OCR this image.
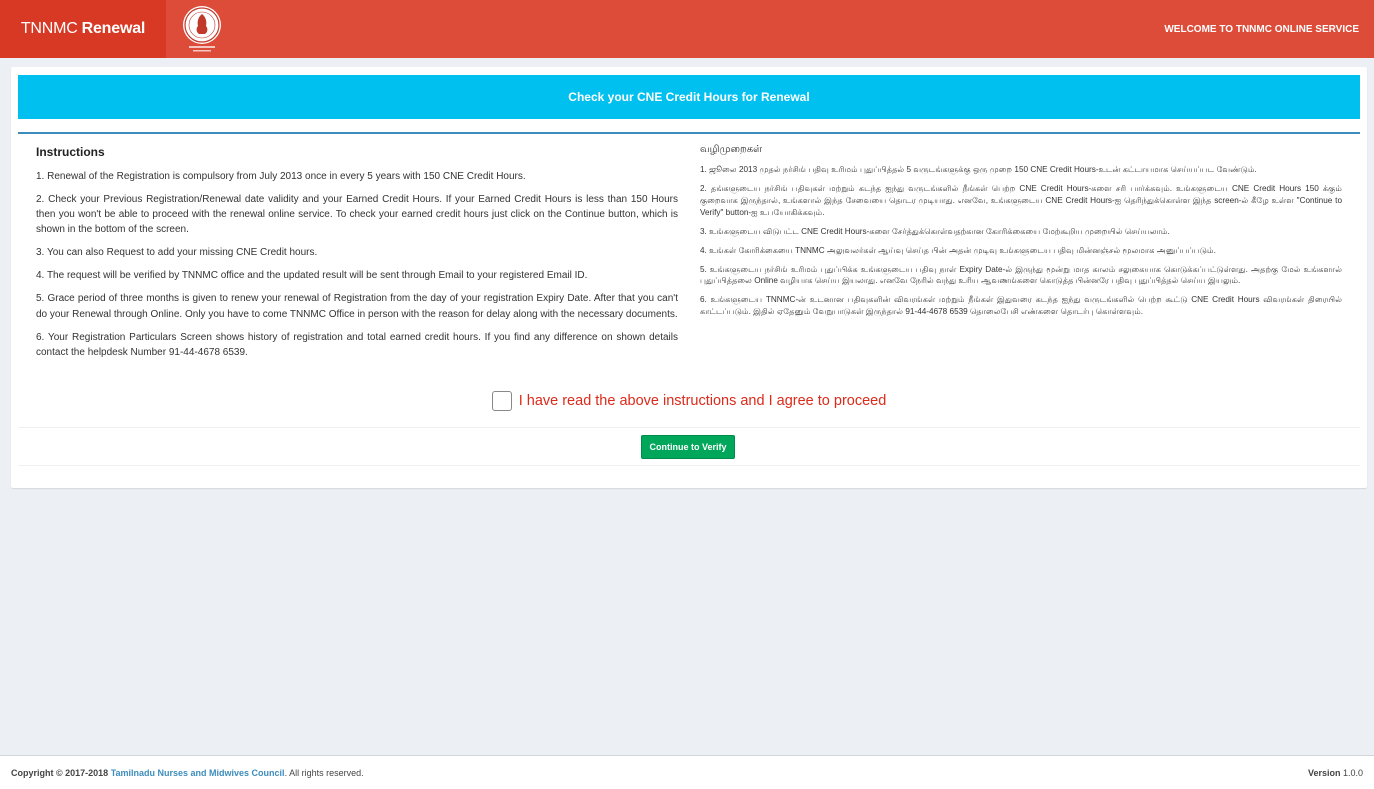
TNNMC Renewal	WELCOME TO TNNMC ONLINE SERVICE
Check your CNE Credit Hours for Renewal
Instructions

1. Renewal of the Registration is compulsory from July 2013 once in every 5 years with 150 CNE Credit Hours.

2. Check your Previous Registration/Renewal date validity and your Earned Credit Hours. If your Earned Credit Hours is less than 150 Hours then you won't be able to proceed with the renewal online service. To check your earned credit hours just click on the Continue button, which is shown in the bottom of the screen.

3. You can also Request to add your missing CNE Credit hours.

4. The request will be verified by TNNMC office and the updated result will be sent through Email to your registered Email ID.

5. Grace period of three months is given to renew your renewal of Registration from the day of your registration Expiry Date. After that you can't do your Renewal through Online. Only you have to come TNNMC Office in person with the reason for delay along with the necessary documents.

6. Your Registration Particulars Screen shows history of registration and total earned credit hours. If you find any difference on shown details contact the helpdesk Number 91-44-4678 6539.

வழிமுறைகள்

1. ஜூலை 2013 முதல் நர்சிங் பதிவு உரிமம் புதுப்பித்தல் 5 வருடங்களுக்கு ஒரு முறை 150 CNE Credit Hours-உடன் கட்டாயமாக செய்யப்பட வேண்டும்.

2. தங்களுடைய நர்சிங் பதிவுகள் மற்றும் கடந்த ஐந்து வருடங்களில் நீங்கள் பெற்ற CNE Credit Hours-களை சரி பார்க்கவும். உங்களுடைய CNE Credit Hours 150 க்கும் குறைவாக இருந்தால், உங்களால் இந்த சேவையை தொடர முடியாது. எனவே, உங்களுடைய CNE Credit Hours-ஐ தெரிந்துக்கொள்ள இந்த screen-ல் கீழே உள்ள "Continue to Verify" button-ஐ உபயோகிக்கவும்.

3. உங்களுடைய விடுபட்ட CNE Credit Hours-களை சேர்த்துக்கொள்வதற்கான கோரிக்கையை மேற்கூறிய முறையில் செய்யலாம்.

4. உங்கள் கோரிக்கையை TNNMC அலுவலர்கள் ஆய்வு செய்த பின் அதன் முடிவு உங்களுடைய பதிவு மின்னஞ்சல் மூலமாக அனுப்பப்படும்.

5. உங்களுடைய நர்சிங் உரிமம் புதுப்பிக்க உங்களுடைய பதிவு நாள் Expiry Date-ல் இருந்து மூன்று மாத காலம் சலுகையாக கொடுக்கப்பட்டுள்ளது. அதற்கு மேல் உங்களால் புதுப்பித்தலை Online வழியாக செய்ய இயலாது. எனவே நேரில் வந்து உரிய ஆவணங்களை கொடுத்த பின்னரே பதிவு புதுப்பித்தல் செய்ய இயலும்.

6. உங்களுடைய TNNMC-ன் உடனான பதிவுகளின் விவரங்கள் மற்றும் நீங்கள் இதுவரை கடந்த ஐந்து வருடங்களில் பெற்ற கூட்டு CNE Credit Hours விவரங்கள் திரையில் காட்டப்படும். இதில் ஏதேனும் வேறுபாடுகள் இருந்தால் 91-44-4678 6539 தொலைபேசி எண்களை தொடர்பு கொள்ளவும்.

I have read the above instructions and I agree to proceed
Continue to Verify
Copyright © 2017-2018 Tamilnadu Nurses and Midwives Council. All rights reserved.	Version 1.0.0
